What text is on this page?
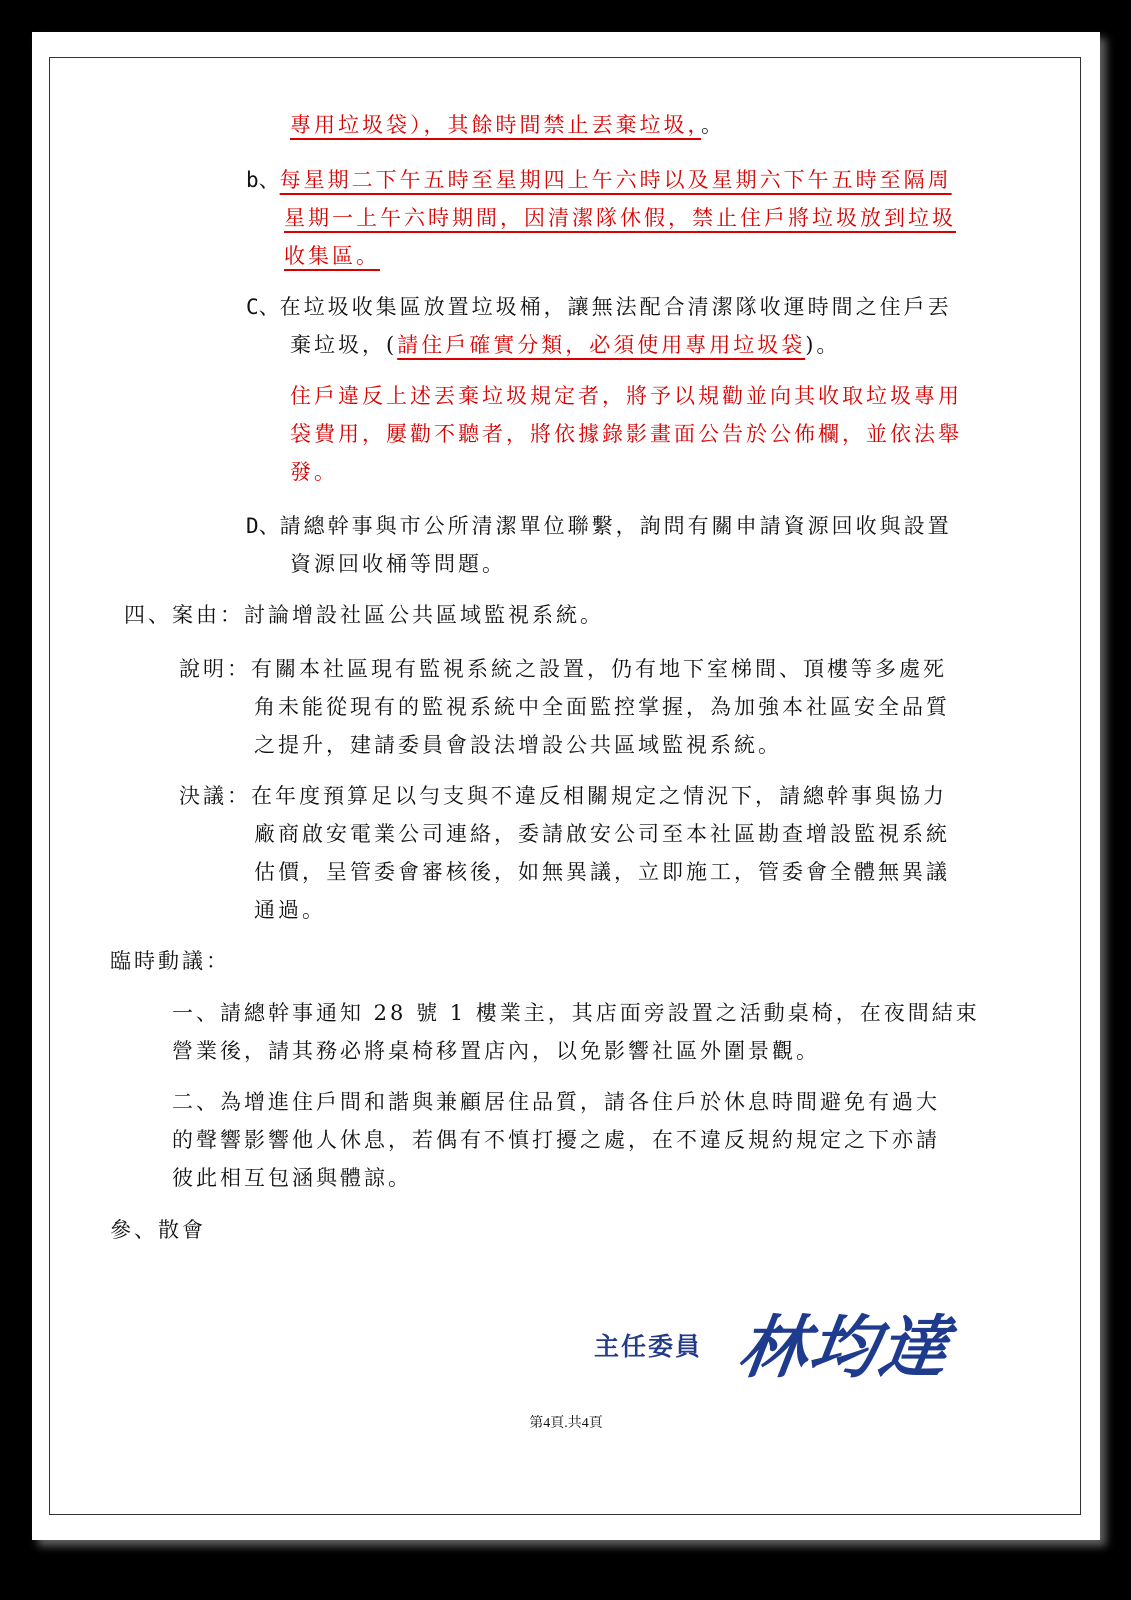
專用垃圾袋），其餘時間禁止丟棄垃圾，。
b、每星期二下午五時至星期四上午六時以及星期六下午五時至隔周
星期一上午六時期間，因清潔隊休假，禁止住戶將垃圾放到垃圾
收集區。
C、在垃圾收集區放置垃圾桶，讓無法配合清潔隊收運時間之住戶丟
棄垃圾，(請住戶確實分類，必須使用專用垃圾袋)。
住戶違反上述丟棄垃圾規定者，將予以規勸並向其收取垃圾專用
袋費用，屢勸不聽者，將依據錄影畫面公告於公佈欄，並依法舉
發。
D、請總幹事與市公所清潔單位聯繫，詢問有關申請資源回收與設置
資源回收桶等問題。
四、案由：討論增設社區公共區域監視系統。
說明：有關本社區現有監視系統之設置，仍有地下室梯間、頂樓等多處死
角未能從現有的監視系統中全面監控掌握，為加強本社區安全品質
之提升，建請委員會設法增設公共區域監視系統。
決議：在年度預算足以勻支與不違反相關規定之情況下，請總幹事與協力
廠商啟安電業公司連絡，委請啟安公司至本社區勘查增設監視系統
估價，呈管委會審核後，如無異議，立即施工，管委會全體無異議
通過。
臨時動議：
一、請總幹事通知 28 號 1 樓業主，其店面旁設置之活動桌椅，在夜間結束
營業後，請其務必將桌椅移置店內，以免影響社區外圍景觀。
二、為增進住戶間和諧與兼顧居住品質，請各住戶於休息時間避免有過大
的聲響影響他人休息，若偶有不慎打擾之處，在不違反規約規定之下亦請
彼此相互包涵與體諒。
參、散會
主任委員 林均達
第4頁.共4頁
